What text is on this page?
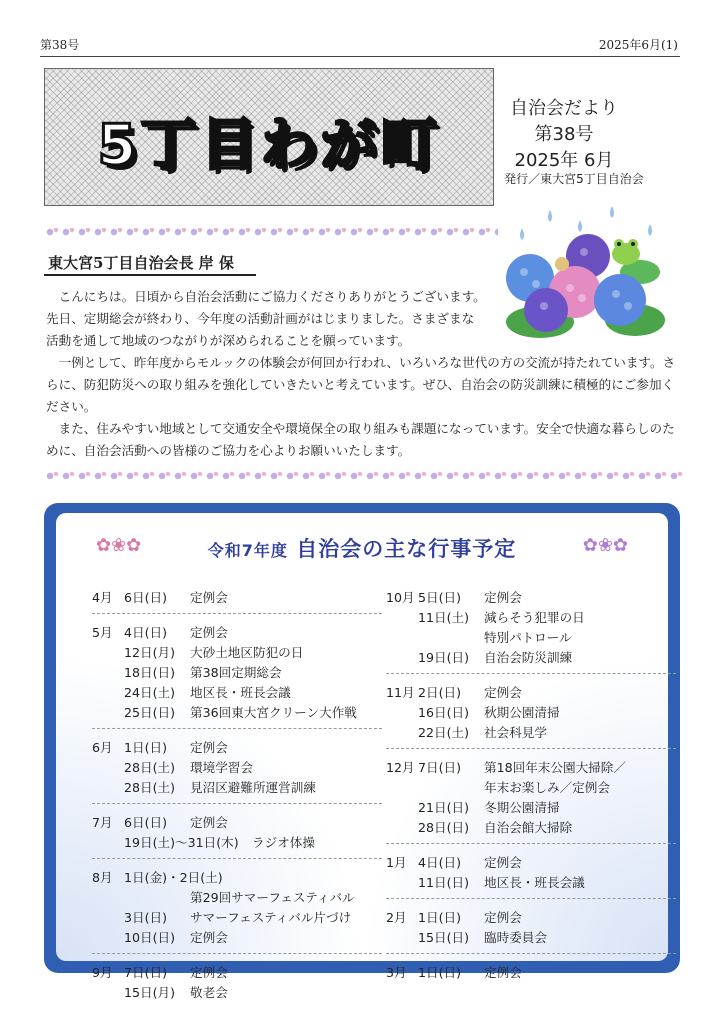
第38号	2025年6月(1)
5丁目わが町
自治会だより
第38号
2025年 6月
発行／東大宮5丁目自治会
東大宮5丁目自治会長 岸 保

こんにちは。日頃から自治会活動にご協力くださりありがとうございます。

先日、定期総会が終わり、今年度の活動計画がはじまりました。さまざまな

活動を通して地域のつながりが深められることを願っています。

一例として、昨年度からモルックの体験会が何回か行われ、いろいろな世代の方の交流が持たれています。さらに、防犯防災への取り組みを強化していきたいと考えています。ぜひ、自治会の防災訓練に積極的にご参加ください。

また、住みやすい地域として交通安全や環境保全の取り組みも課題になっています。安全で快適な暮らしのために、自治会活動への皆様のご協力を心よりお願いいたします。

✿❀✿	令和7年度 自治会の主な行事予定	✿❀✿
4月 6日(日)	定例会
5月 4日(日)	定例会
12日(月)	大砂土地区防犯の日
18日(日)	第38回定期総会
24日(土)	地区長・班長会議
25日(日)	第36回東大宮クリーン大作戦
6月 1日(日)	定例会
28日(土)	環境学習会
28日(土)	見沼区避難所運営訓練
7月 6日(日)	定例会
19日(土)～31日(木) ラジオ体操
8月 1日(金)・2日(土)
第29回サマーフェスティバル
3日(日)	サマーフェスティバル片づけ
10日(日)	定例会
9月 7日(日)	定例会
15日(月)	敬老会
10月 5日(日)	定例会
11日(土)	減らそう犯罪の日
特別パトロール
19日(日)	自治会防災訓練
11月 2日(日)	定例会
16日(日)	秋期公園清掃
22日(土)	社会科見学
12月 7日(日)	第18回年末公園大掃除／
年末お楽しみ／定例会
21日(日)	冬期公園清掃
28日(日)	自治会館大掃除
1月 4日(日)	定例会
11日(日)	地区長・班長会議
2月 1日(日)	定例会
15日(日)	臨時委員会
3月 1日(日)	定例会
